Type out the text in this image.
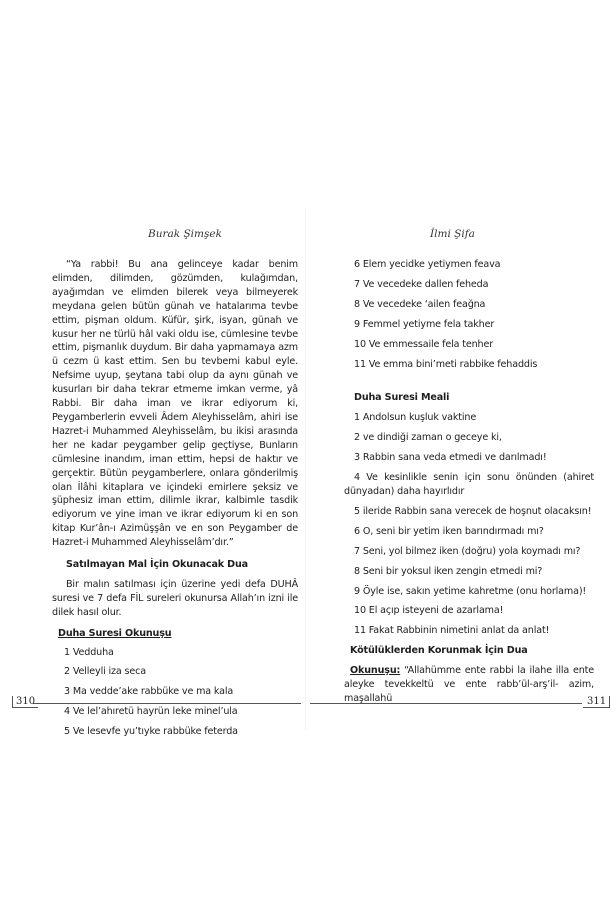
Burak Şimşek

“Ya rabbi! Bu ana gelinceye kadar benim elimden, dilimden, gözümden, kulağımdan, ayağımdan ve elimden bilerek veya bilmeyerek meydana gelen bütün günah ve hatalarıma tevbe ettim, pişman oldum. Küfür, şirk, isyan, günah ve kusur her ne türlü hâl vaki oldu ise, cümlesine tevbe ettim, pişmanlık duydum. Bir daha yapmamaya azm ü cezm ü kast ettim. Sen bu tevbemi kabul eyle. Nefsime uyup, şeytana tabi olup da aynı günah ve kusurları bir daha tekrar etmeme imkan verme, yâ Rabbi. Bir daha iman ve ikrar ediyorum ki, Peygamberlerin evveli Âdem Aleyhisselâm, ahiri ise Hazret-i Muhammed Aleyhisselâm, bu ikisi arasında her ne kadar peygamber gelip geçtiyse, Bunların cümlesine inandım, iman ettim, hepsi de haktır ve gerçektir. Bütün peygamberlere, onlara gönderilmiş olan İlâhi kitaplara ve içindeki emirlere şeksiz ve şüphesiz iman ettim, dilimle ikrar, kalbimle tasdik ediyorum ve yine iman ve ikrar ediyorum ki en son kitap Kur’ân-ı Azimüşşân ve en son Peygamber de Hazret-i Muhammed Aleyhisselâm’dır.”

Satılmayan Mal İçin Okunacak Dua

Bir malın satılması için üzerine yedi defa DUHÂ suresi ve 7 defa FİL sureleri okunursa Allah’ın izni ile dilek hasıl olur.

Duha Suresi Okunuşu

1 Vedduha

2 Velleyli iza seca

3 Ma vedde’ake rabbüke ve ma kala

4 Ve lel’ahıretü hayrün leke minel’ula

5 Ve lesevfe yu’tıyke rabbüke feterda

310
İlmi Şifa

6 Elem yecidke yetiymen feava

7 Ve vecedeke dallen feheda

8 Ve vecedeke ‘ailen feağna

9 Femmel yetiyme fela takher

10 Ve emmessaile fela tenher

11 Ve emma bini’meti rabbike fehaddis

Duha Suresi Meali

1 Andolsun kuşluk vaktine

2 ve dindiği zaman o geceye ki,

3 Rabbin sana veda etmedi ve darılmadı!

4 Ve kesinlikle senin için sonu önünden (ahiret dünyadan) daha hayırlıdır

5 ileride Rabbin sana verecek de hoşnut olacaksın!

6 O, seni bir yetim iken barındırmadı mı?

7 Seni, yol bilmez iken (doğru) yola koymadı mı?

8 Seni bir yoksul iken zengin etmedi mi?

9 Öyle ise, sakın yetime kahretme (onu horlama)!

10 El açıp isteyeni de azarlama!

11 Fakat Rabbinin nimetini anlat da anlat!

Kötülüklerden Korunmak İçin Dua

Okunuşu: “Allahümme ente rabbi la ilahe illa ente aleyke tevekkeltü ve ente rabb’ül-arş’il- azim, maşallahü	311
